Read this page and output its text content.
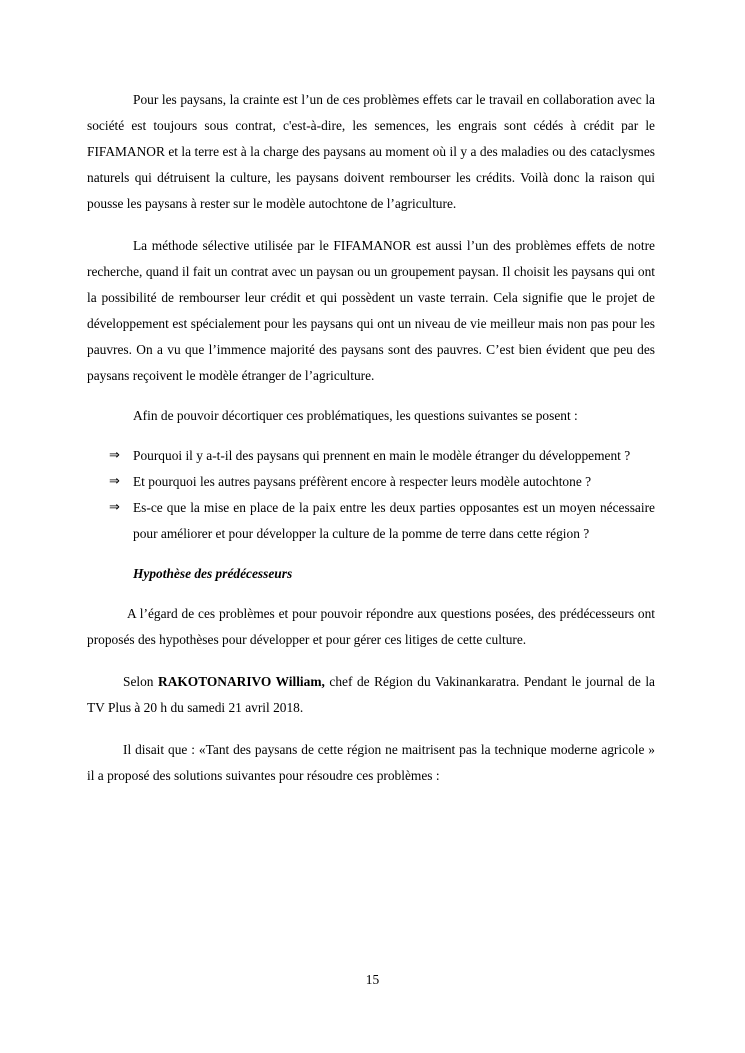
Pour les paysans, la crainte est l’un de ces problèmes effets car le travail en collaboration avec la société est toujours sous contrat, c'est-à-dire, les semences, les engrais sont cédés à crédit par le FIFAMANOR et la terre est à la charge des paysans au moment où il y a des maladies ou des cataclysmes naturels qui détruisent la culture, les paysans doivent rembourser les crédits. Voilà donc la raison qui pousse les paysans à rester sur le modèle autochtone de l’agriculture.

La méthode sélective utilisée par le FIFAMANOR est aussi l’un des problèmes effets de notre recherche, quand il fait un contrat avec un paysan ou un groupement paysan. Il choisit les paysans qui ont la possibilité de rembourser leur crédit et qui possèdent un vaste terrain. Cela signifie que le projet de développement est spécialement pour les paysans qui ont un niveau de vie meilleur mais non pas pour les pauvres. On a vu que l’immence majorité des paysans sont des pauvres. C’est bien évident que peu des paysans reçoivent le modèle étranger de l’agriculture.

Afin de pouvoir décortiquer ces problématiques, les questions suivantes se posent :

⇒ Pourquoi il y a-t-il des paysans qui prennent en main le modèle étranger du développement ?
⇒ Et pourquoi les autres paysans préfèrent encore à respecter leurs modèle autochtone ?
⇒ Es-ce que la mise en place de la paix entre les deux parties opposantes est un moyen nécessaire pour améliorer et pour développer la culture de la pomme de terre dans cette région ?
Hypothèse des prédécesseurs

A l’égard de ces problèmes et pour pouvoir répondre aux questions posées, des prédécesseurs ont proposés des hypothèses pour développer et pour gérer ces litiges de cette culture.

Selon RAKOTONARIVO William, chef de Région du Vakinankaratra. Pendant le journal de la TV Plus à 20 h du samedi 21 avril 2018.

Il disait que : «Tant des paysans de cette région ne maitrisent pas la technique moderne agricole » il a proposé des solutions suivantes pour résoudre ces problèmes :

15
